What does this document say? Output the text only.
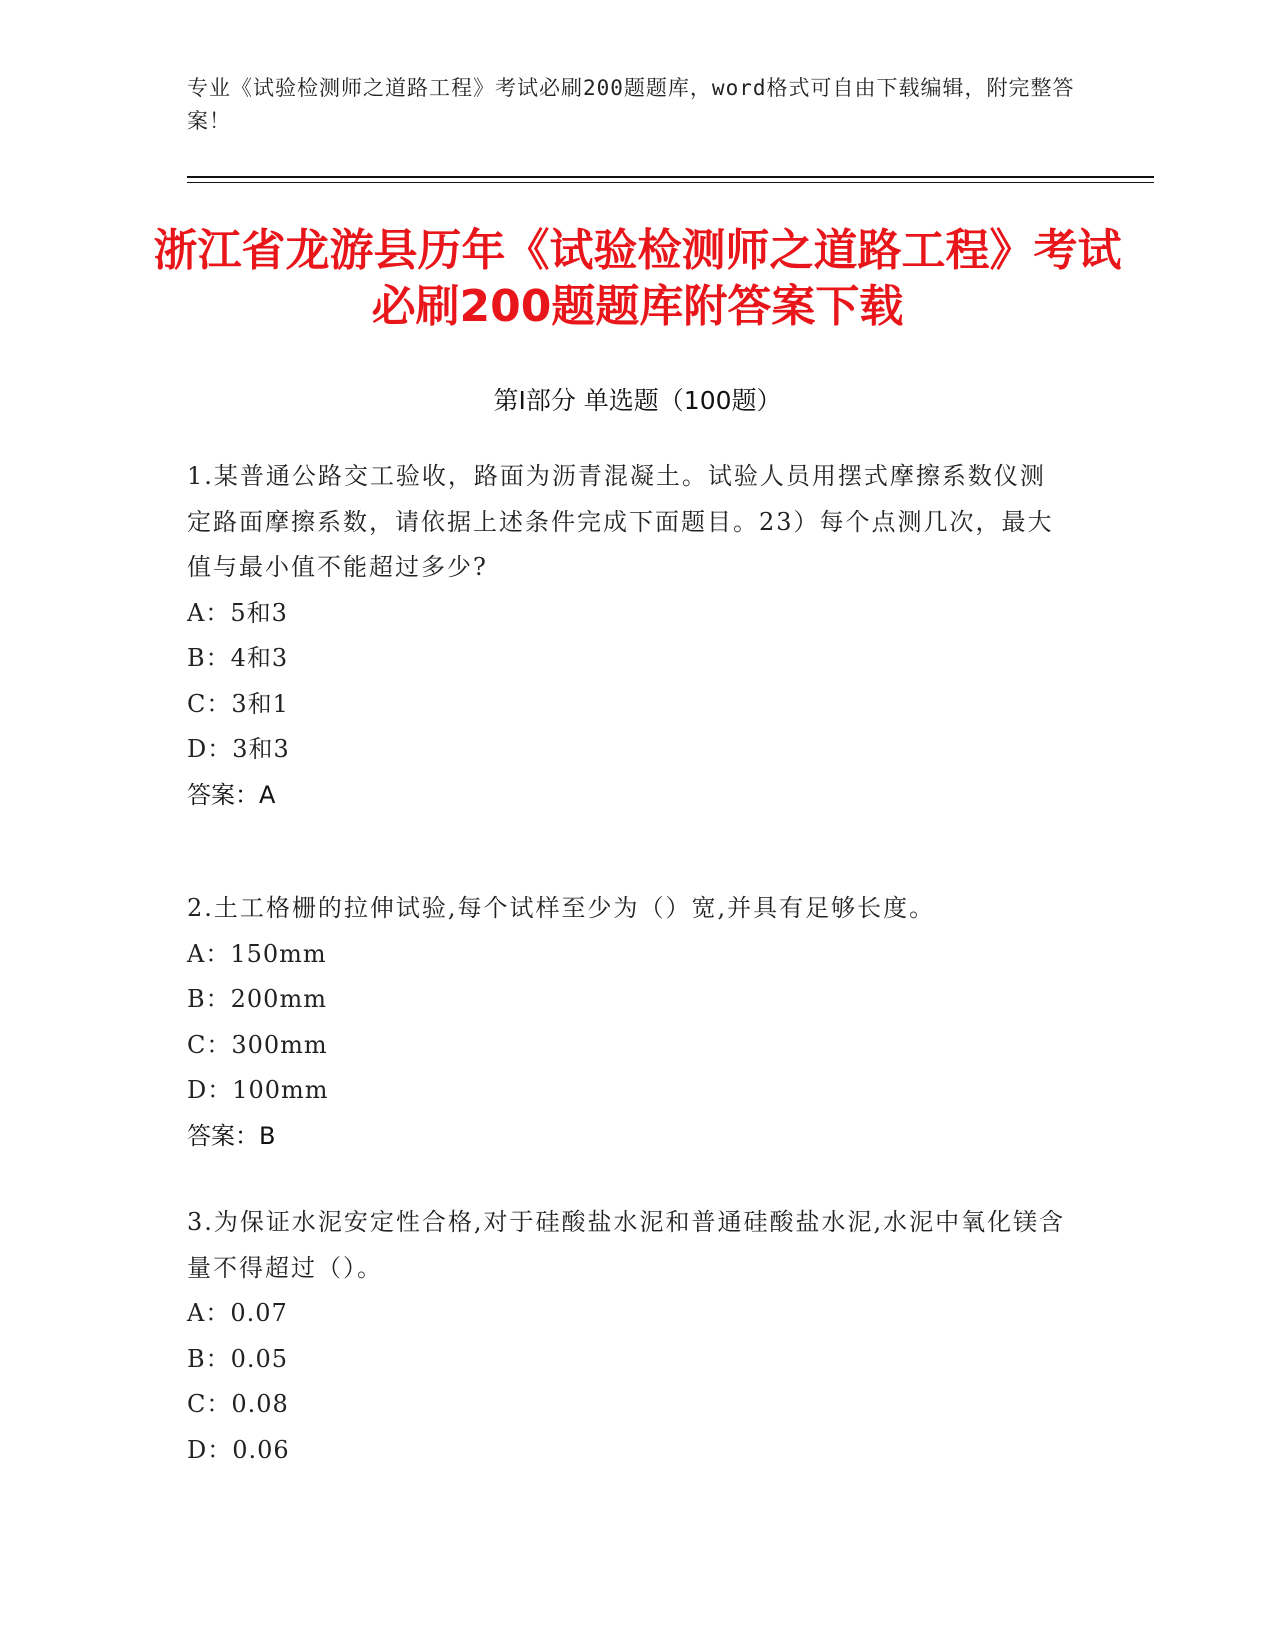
专业《试验检测师之道路工程》考试必刷200题题库，word格式可自由下载编辑，附完整答案！
浙江省龙游县历年《试验检测师之道路工程》考试必刷200题题库附答案下载
第Ⅰ部分 单选题（100题）
1.某普通公路交工验收，路面为沥青混凝土。试验人员用摆式摩擦系数仪测定路面摩擦系数，请依据上述条件完成下面题目。23）每个点测几次，最大值与最小值不能超过多少?
A：5和3
B：4和3
C：3和1
D：3和3
答案：A
2.土工格栅的拉伸试验,每个试样至少为（）宽,并具有足够长度。
A：150mm
B：200mm
C：300mm
D：100mm
答案：B
3.为保证水泥安定性合格,对于硅酸盐水泥和普通硅酸盐水泥,水泥中氧化镁含量不得超过（）。
A：0.07
B：0.05
C：0.08
D：0.06
